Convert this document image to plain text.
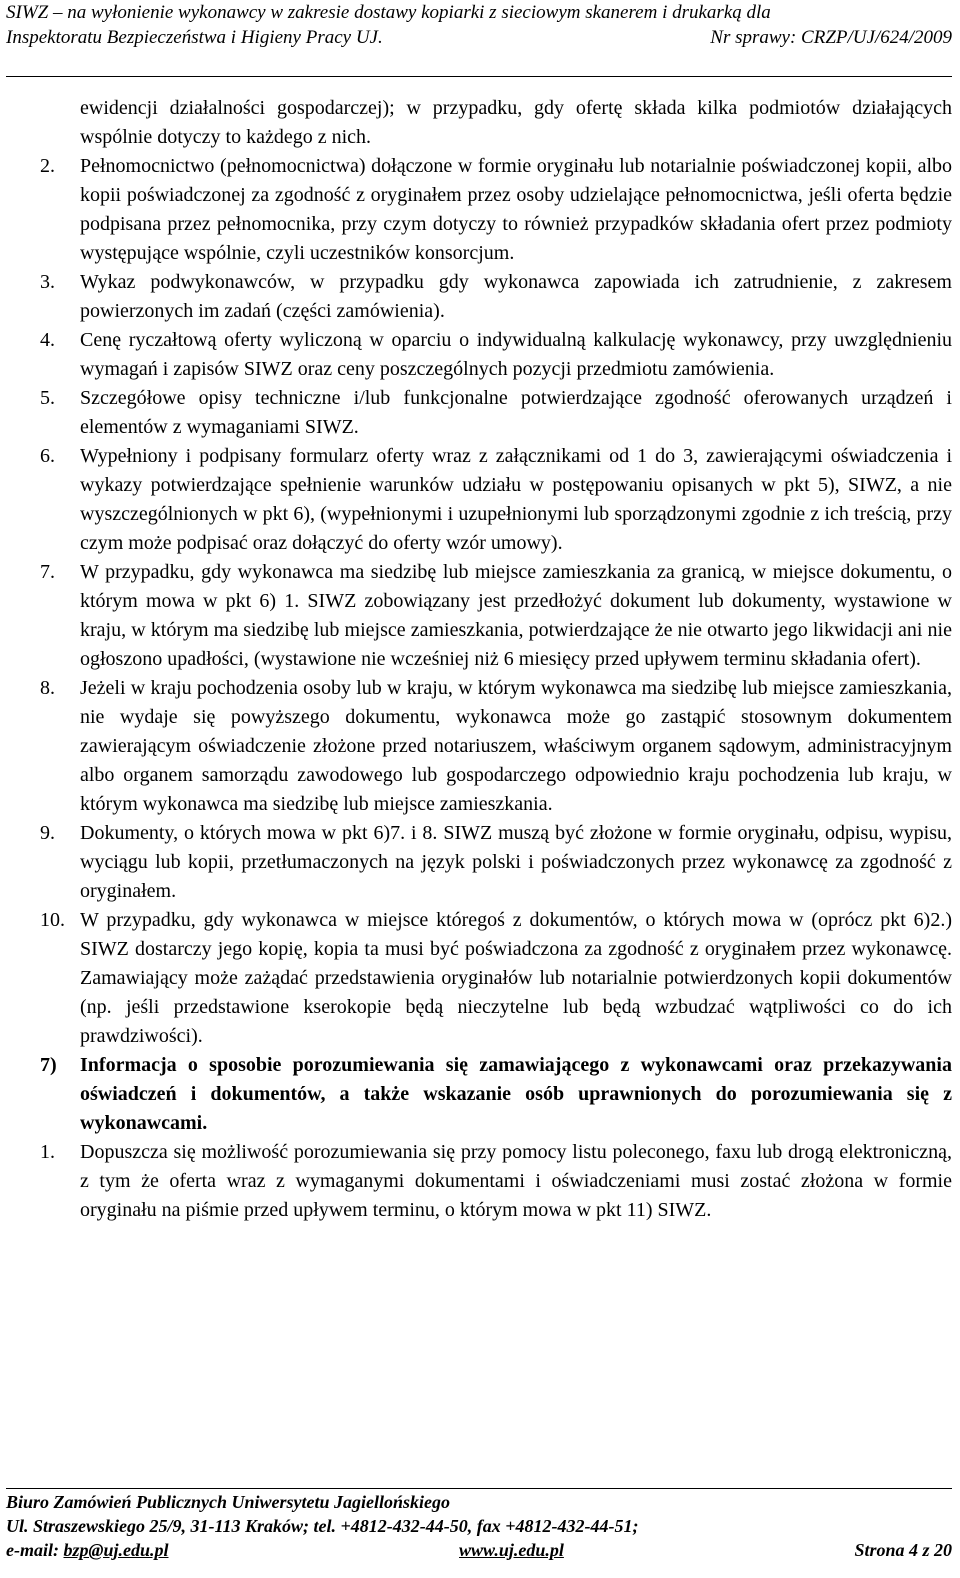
SIWZ – na wyłonienie wykonawcy w zakresie dostawy kopiarki z sieciowym skanerem i drukarką dla
Inspektoratu Bezpieczeństwa i Higieny Pracy UJ.	Nr sprawy: CRZP/UJ/624/2009
ewidencji działalności gospodarczej); w przypadku, gdy ofertę składa kilka podmiotów działających wspólnie dotyczy to każdego z nich.
2.	Pełnomocnictwo (pełnomocnictwa) dołączone w formie oryginału lub notarialnie poświadczonej kopii, albo kopii poświadczonej za zgodność z oryginałem przez osoby udzielające pełnomocnictwa, jeśli oferta będzie podpisana przez pełnomocnika, przy czym dotyczy to również przypadków składania ofert przez podmioty występujące wspólnie, czyli uczestników konsorcjum.
3.	Wykaz podwykonawców, w przypadku gdy wykonawca zapowiada ich zatrudnienie, z zakresem powierzonych im zadań (części zamówienia).
4.	Cenę ryczałtową oferty wyliczoną w oparciu o indywidualną kalkulację wykonawcy, przy uwzględnieniu wymagań i zapisów SIWZ oraz ceny poszczególnych pozycji przedmiotu zamówienia.
5.	Szczegółowe opisy techniczne i/lub funkcjonalne potwierdzające zgodność oferowanych urządzeń i elementów z wymaganiami SIWZ.
6.	Wypełniony i podpisany formularz oferty wraz z załącznikami od 1 do 3, zawierającymi oświadczenia i wykazy potwierdzające spełnienie warunków udziału w postępowaniu opisanych w pkt 5), SIWZ, a nie wyszczególnionych w pkt 6), (wypełnionymi i uzupełnionymi lub sporządzonymi zgodnie z ich treścią, przy czym może podpisać oraz dołączyć do oferty wzór umowy).
7.	W przypadku, gdy wykonawca ma siedzibę lub miejsce zamieszkania za granicą, w miejsce dokumentu, o którym mowa w pkt 6) 1. SIWZ zobowiązany jest przedłożyć dokument lub dokumenty, wystawione w kraju, w którym ma siedzibę lub miejsce zamieszkania, potwierdzające że nie otwarto jego likwidacji ani nie ogłoszono upadłości, (wystawione nie wcześniej niż 6 miesięcy przed upływem terminu składania ofert).
8.	Jeżeli w kraju pochodzenia osoby lub w kraju, w którym wykonawca ma siedzibę lub miejsce zamieszkania, nie wydaje się powyższego dokumentu, wykonawca może go zastąpić stosownym dokumentem zawierającym oświadczenie złożone przed notariuszem, właściwym organem sądowym, administracyjnym albo organem samorządu zawodowego lub gospodarczego odpowiednio kraju pochodzenia lub kraju, w którym wykonawca ma siedzibę lub miejsce zamieszkania.
9.	Dokumenty, o których mowa w pkt 6)7. i 8. SIWZ muszą być złożone w formie oryginału, odpisu, wypisu, wyciągu lub kopii, przetłumaczonych na język polski i poświadczonych przez wykonawcę za zgodność z oryginałem.
10. W przypadku, gdy wykonawca w miejsce któregoś z dokumentów, o których mowa w (oprócz pkt 6)2.) SIWZ dostarczy jego kopię, kopia ta musi być poświadczona za zgodność z oryginałem przez wykonawcę. Zamawiający może zażądać przedstawienia oryginałów lub notarialnie potwierdzonych kopii dokumentów (np. jeśli przedstawione kserokopie będą nieczytelne lub będą wzbudzać wątpliwości co do ich prawdziwości).
7)	Informacja o sposobie porozumiewania się zamawiającego z wykonawcami oraz przekazywania oświadczeń i dokumentów, a także wskazanie osób uprawnionych do porozumiewania się z wykonawcami.
1.	Dopuszcza się możliwość porozumiewania się przy pomocy listu poleconego, faxu lub drogą elektroniczną, z tym że oferta wraz z wymaganymi dokumentami i oświadczeniami musi zostać złożona w formie oryginału na piśmie przed upływem terminu, o którym mowa w pkt 11) SIWZ.
Biuro Zamówień Publicznych Uniwersytetu Jagiellońskiego
Ul. Straszewskiego 25/9, 31-113 Kraków; tel. +4812-432-44-50, fax +4812-432-44-51;
e-mail: bzp@uj.edu.pl	www.uj.edu.pl	Strona 4 z 20
